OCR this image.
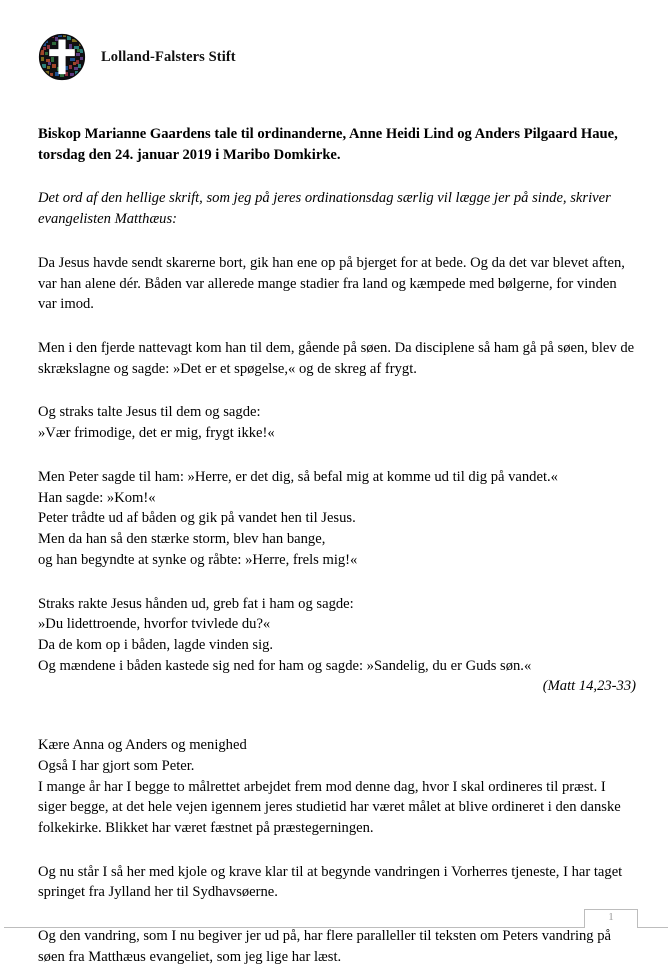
Lolland-Falsters Stift
Biskop Marianne Gaardens tale til ordinanderne, Anne Heidi Lind og Anders Pilgaard Haue, torsdag den 24. januar 2019 i Maribo Domkirke.

Det ord af den hellige skrift, som jeg på jeres ordinationsdag særlig vil lægge jer på sinde, skriver evangelisten Matthæus:

Da Jesus havde sendt skarerne bort, gik han ene op på bjerget for at bede. Og da det var blevet aften, var han alene dér. Båden var allerede mange stadier fra land og kæmpede med bølgerne, for vinden var imod.

Men i den fjerde nattevagt kom han til dem, gående på søen. Da disciplene så ham gå på søen, blev de skrækslagne og sagde: »Det er et spøgelse,« og de skreg af frygt.

Og straks talte Jesus til dem og sagde:
»Vær frimodige, det er mig, frygt ikke!«
Men Peter sagde til ham: »Herre, er det dig, så befal mig at komme ud til dig på vandet.«
Han sagde: »Kom!«
Peter trådte ud af båden og gik på vandet hen til Jesus.
Men da han så den stærke storm, blev han bange,
og han begyndte at synke og råbte: »Herre, frels mig!«
Straks rakte Jesus hånden ud, greb fat i ham og sagde:
»Du lidettroende, hvorfor tvivlede du?«
Da de kom op i båden, lagde vinden sig.
Og mændene i båden kastede sig ned for ham og sagde: »Sandelig, du er Guds søn.«

(Matt 14,23-33)

Kære Anna og Anders og menighed
Også I har gjort som Peter.
I mange år har I begge to målrettet arbejdet frem mod denne dag, hvor I skal ordineres til præst. I siger begge, at det hele vejen igennem jeres studietid har været målet at blive ordineret i den danske folkekirke. Blikket har været fæstnet på præstegerningen.

Og nu står I så her med kjole og krave klar til at begynde vandringen i Vorherres tjeneste, I har taget springet fra Jylland her til Sydhavsøerne.

Og den vandring, som I nu begiver jer ud på, har flere paralleller til teksten om Peters vandring på søen fra Matthæus evangeliet, som jeg lige har læst.

1
